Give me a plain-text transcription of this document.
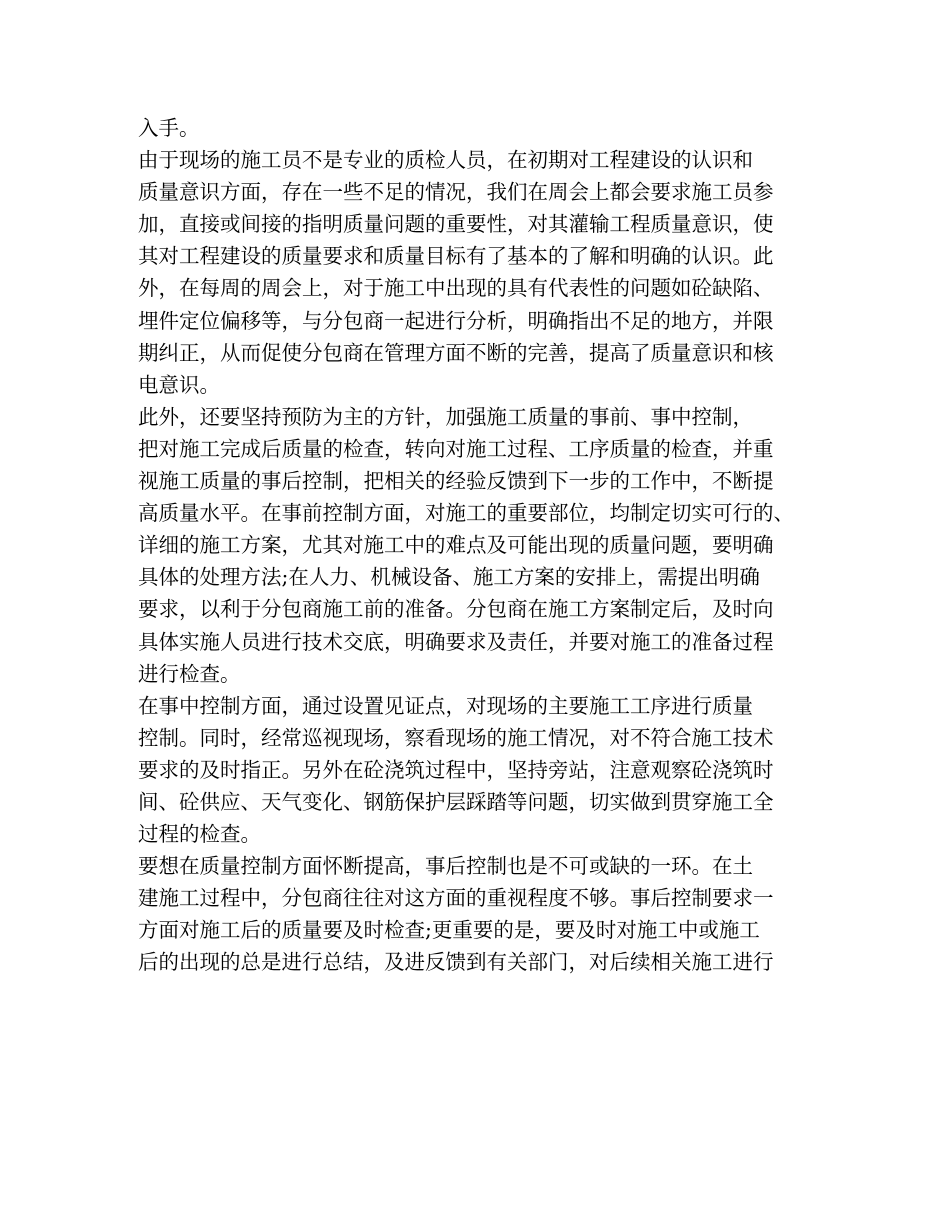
入手。
由于现场的施工员不是专业的质检人员，在初期对工程建设的认识和
质量意识方面，存在一些不足的情况，我们在周会上都会要求施工员参
加，直接或间接的指明质量问题的重要性，对其灌输工程质量意识，使
其对工程建设的质量要求和质量目标有了基本的了解和明确的认识。此
外，在每周的周会上，对于施工中出现的具有代表性的问题如砼缺陷、
埋件定位偏移等，与分包商一起进行分析，明确指出不足的地方，并限
期纠正，从而促使分包商在管理方面不断的完善，提高了质量意识和核
电意识。
此外，还要坚持预防为主的方针，加强施工质量的事前、事中控制，
把对施工完成后质量的检查，转向对施工过程、工序质量的检查，并重
视施工质量的事后控制，把相关的经验反馈到下一步的工作中，不断提
高质量水平。在事前控制方面，对施工的重要部位，均制定切实可行的、
详细的施工方案，尤其对施工中的难点及可能出现的质量问题，要明确
具体的处理方法;在人力、机械设备、施工方案的安排上，需提出明确
要求，以利于分包商施工前的准备。分包商在施工方案制定后，及时向
具体实施人员进行技术交底，明确要求及责任，并要对施工的准备过程
进行检查。
在事中控制方面，通过设置见证点，对现场的主要施工工序进行质量
控制。同时，经常巡视现场，察看现场的施工情况，对不符合施工技术
要求的及时指正。另外在砼浇筑过程中，坚持旁站，注意观察砼浇筑时
间、砼供应、天气变化、钢筋保护层踩踏等问题，切实做到贯穿施工全
过程的检查。
要想在质量控制方面怀断提高，事后控制也是不可或缺的一环。在土
建施工过程中，分包商往往对这方面的重视程度不够。事后控制要求一
方面对施工后的质量要及时检查;更重要的是，要及时对施工中或施工
后的出现的总是进行总结，及进反馈到有关部门，对后续相关施工进行
